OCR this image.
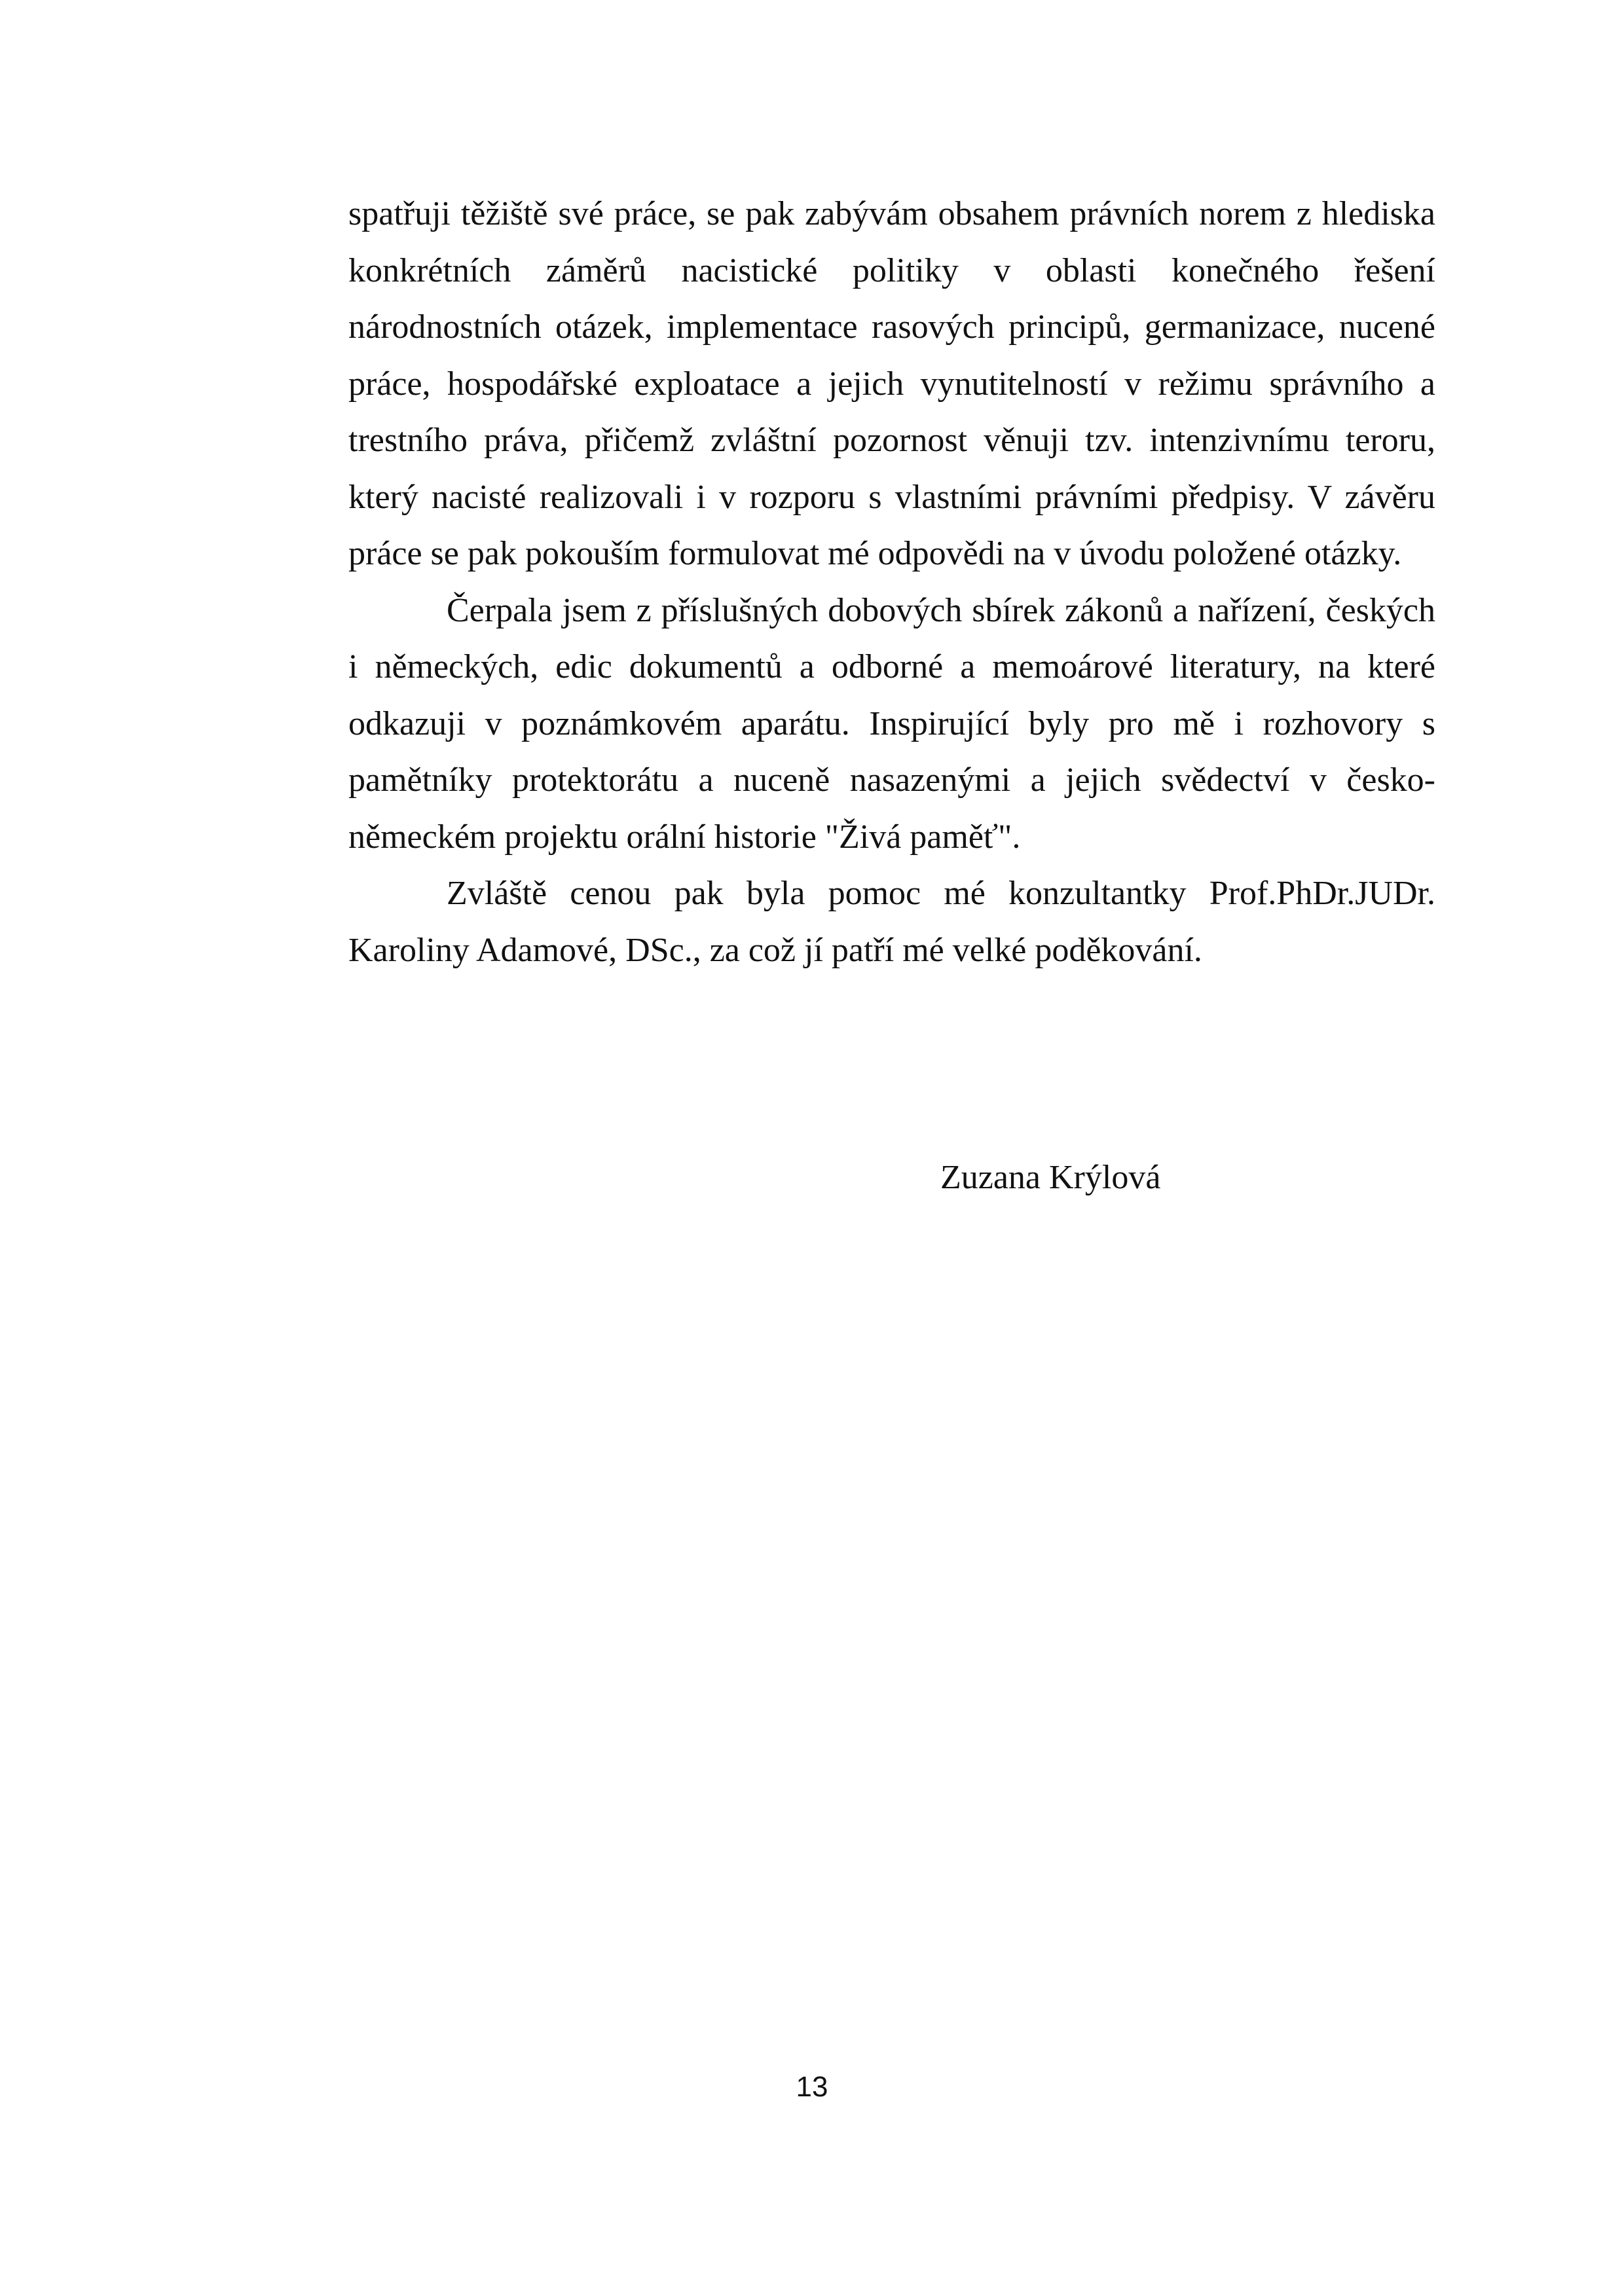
spatřuji těžiště své práce, se pak zabývám obsahem právních norem z hlediska konkrétních záměrů nacistické politiky v oblasti konečného řešení národnostních otázek, implementace rasových principů, germanizace, nucené práce, hospodářské exploatace a jejich vynutitelností v režimu správního a trestního práva, přičemž zvláštní pozornost věnuji tzv. intenzivnímu teroru, který nacisté realizovali i v rozporu s vlastními právními předpisy. V závěru práce se pak pokouším formulovat mé odpovědi na v úvodu položené otázky.

Čerpala jsem z příslušných dobových sbírek zákonů a nařízení, českých i německých, edic dokumentů a odborné a memoárové literatury, na které odkazuji v poznámkovém aparátu. Inspirující byly pro mě i rozhovory s pamětníky protektorátu a nuceně nasazenými a jejich svědectví v česko-německém projektu orální historie "Živá paměť".

Zvláště cenou pak byla pomoc mé konzultantky Prof.PhDr.JUDr. Karoliny Adamové, DSc., za což jí patří mé velké poděkování.

Zuzana Krýlová
13
